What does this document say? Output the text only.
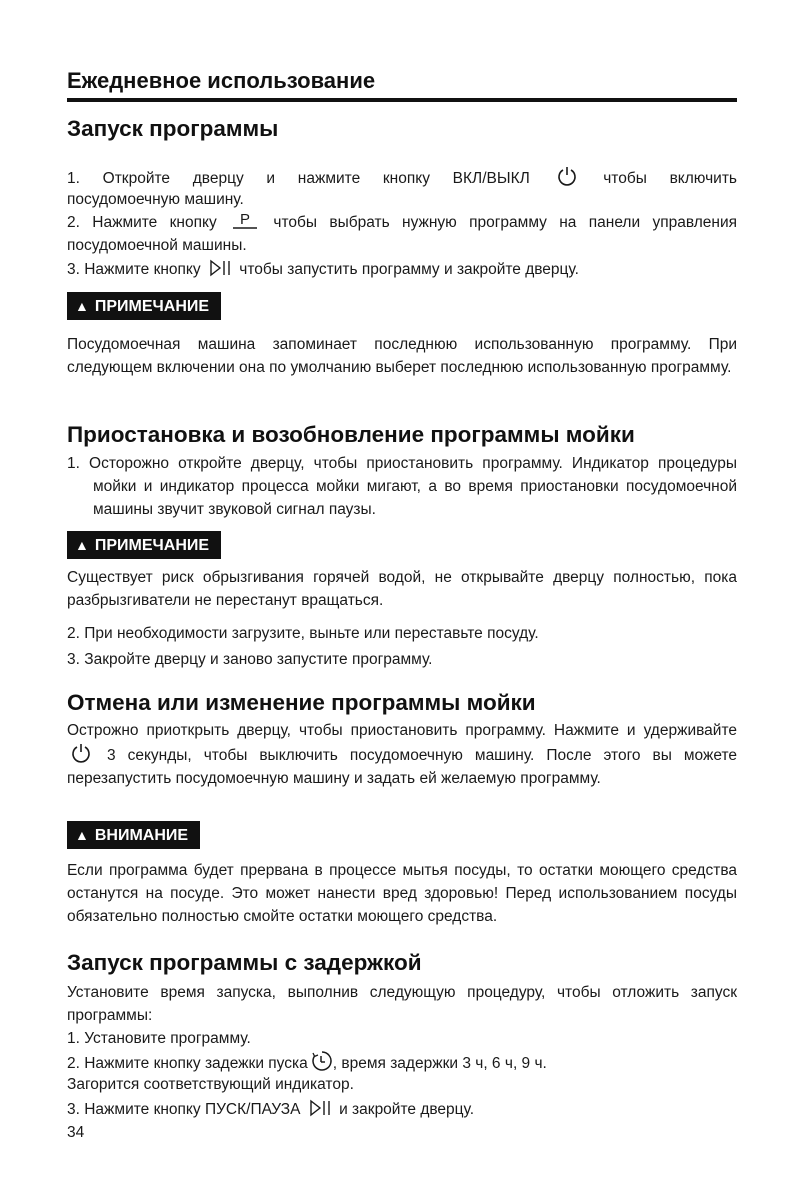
Ежедневное использование
Запуск программы

1. Откройте дверцу и нажмите кнопку ВКЛ/ВЫКЛ	чтобы включить

посудомоечную машину.

2. Нажмите кнопку P чтобы выбрать нужную программу на панели управления

посудомоечной машины.

3. Нажмите кнопку чтобы запустить программу и закройте дверцу.

▲ ПРИМЕЧАНИЕ

Посудомоечная машина запоминает последнюю использованную программу. При следующем включении она по умолчанию выберет последнюю использованную программу.

Приостановка и возобновление программы мойки

1. Осторожно откройте дверцу, чтобы приостановить программу. Индикатор процедуры мойки и индикатор процесса мойки мигают, а во время приостановки посудомоечной машины звучит звуковой сигнал паузы.

▲ ПРИМЕЧАНИЕ

Существует риск обрызгивания горячей водой, не открывайте дверцу полностью, пока разбрызгиватели не перестанут вращаться.

2. При необходимости загрузите, выньте или переставьте посуду.

3. Закройте дверцу и заново запустите программу.

Отмена или изменение программы мойки

Острожно приоткрыть дверцу, чтобы приостановить программу. Нажмите и удерживайте  3 секунды, чтобы выключить посудомоечную машину. После этого вы можете перезапустить посудомоечную машину и задать ей желаемую программу.

▲ ВНИМАНИЕ

Если программа будет прервана в процессе мытья посуды, то остатки моющего средства останутся на посуде. Это может нанести вред здоровью! Перед использованием посуды обязательно полностью смойте остатки моющего средства.

Запуск программы с задержкой

Установите время запуска, выполнив следующую процедуру, чтобы отложить запуск программы:

1. Установите программу.

2. Нажмите кнопку задежки пуска , время задержки 3 ч, 6 ч, 9 ч.

Загорится соответствующий индикатор.

3. Нажмите кнопку ПУСК/ПАУЗА и закройте дверцу.

34
